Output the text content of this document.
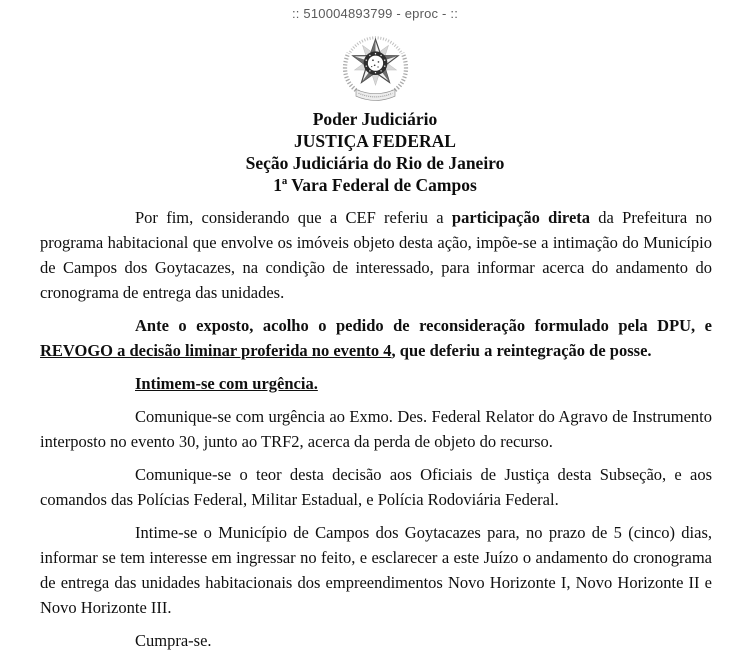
:: 510004893799 - eproc - ::
Poder Judiciário
JUSTIÇA FEDERAL
Seção Judiciária do Rio de Janeiro
1ª Vara Federal de Campos

Por fim, considerando que a CEF referiu a participação direta da Prefeitura no programa habitacional que envolve os imóveis objeto desta ação, impõe-se a intimação do Município de Campos dos Goytacazes, na condição de interessado, para informar acerca do andamento do cronograma de entrega das unidades.

Ante o exposto, acolho o pedido de reconsideração formulado pela DPU, e REVOGO a decisão liminar proferida no evento 4, que deferiu a reintegração de posse.

Intimem-se com urgência.

Comunique-se com urgência ao Exmo. Des. Federal Relator do Agravo de Instrumento interposto no evento 30, junto ao TRF2, acerca da perda de objeto do recurso.

Comunique-se o teor desta decisão aos Oficiais de Justiça desta Subseção, e aos comandos das Polícias Federal, Militar Estadual, e Polícia Rodoviária Federal.

Intime-se o Município de Campos dos Goytacazes para, no prazo de 5 (cinco) dias, informar se tem interesse em ingressar no feito, e esclarecer a este Juízo o andamento do cronograma de entrega das unidades habitacionais dos empreendimentos Novo Horizonte I, Novo Horizonte II e Novo Horizonte III.

Cumpra-se.
